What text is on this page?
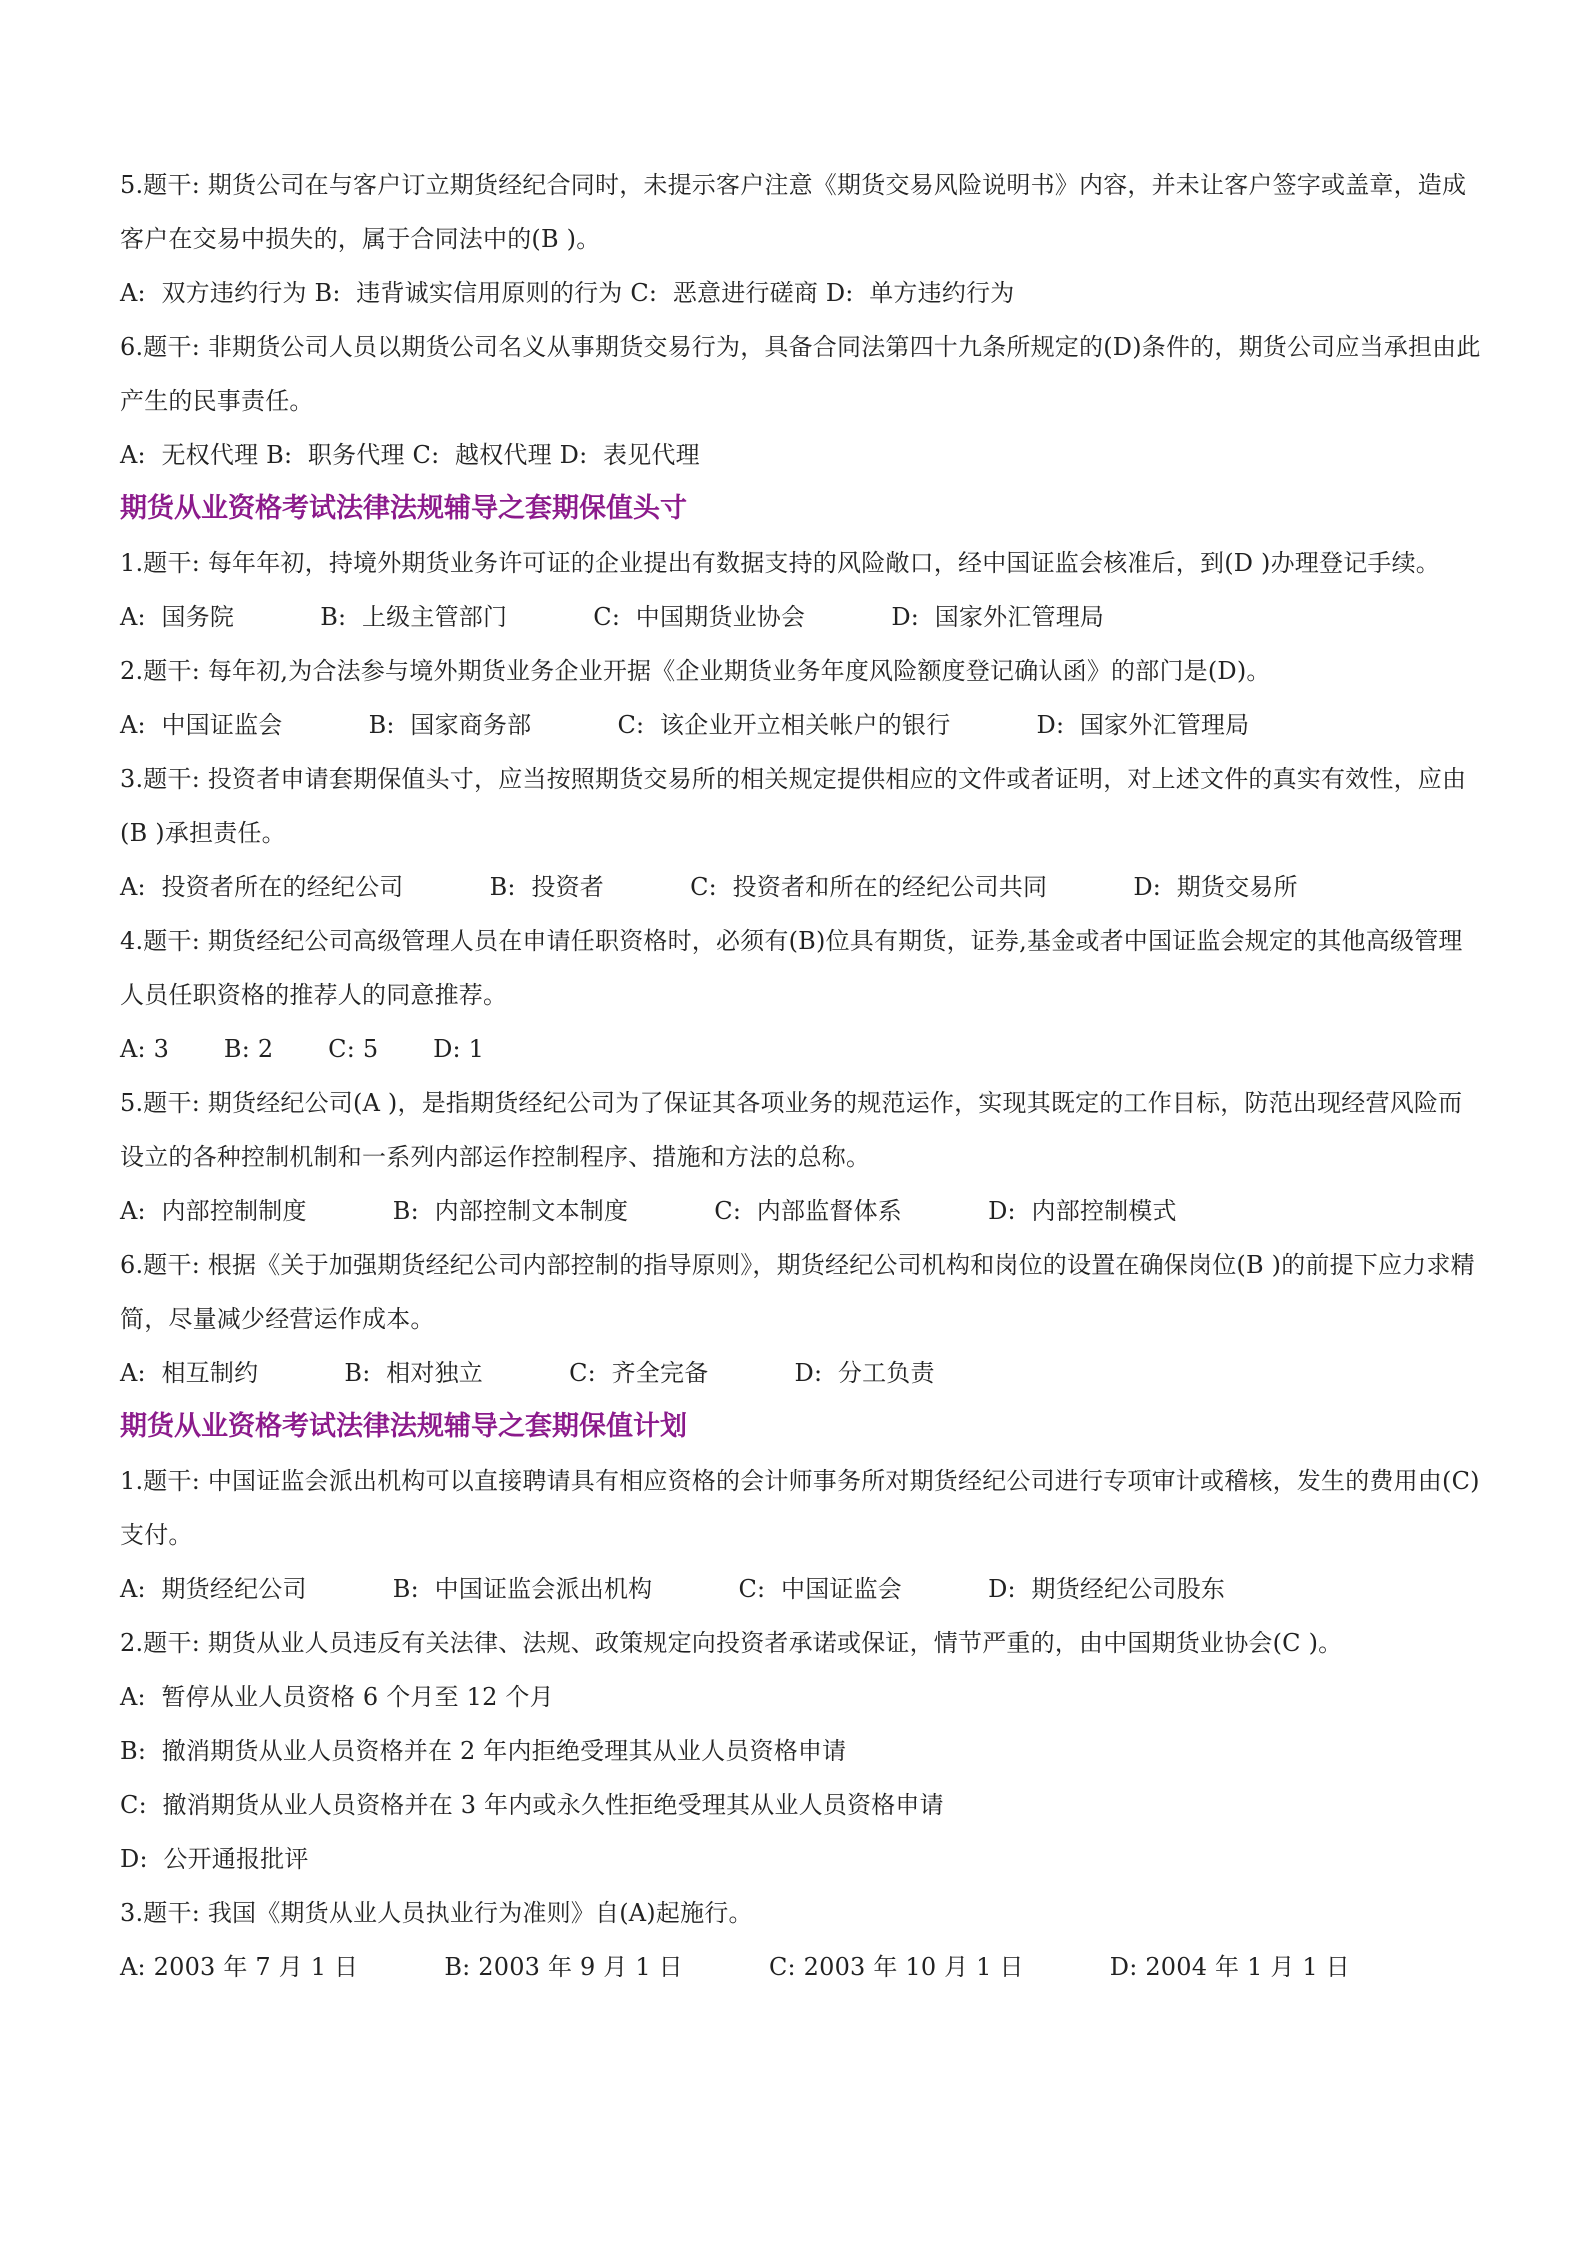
5.题干: 期货公司在与客户订立期货经纪合同时，未提示客户注意《期货交易风险说明书》内容，并未让客户签字或盖章，造成客户在交易中损失的，属于合同法中的(B )。

A:  双方违约行为 B:  违背诚实信用原则的行为 C:  恶意进行磋商 D:  单方违约行为

6.题干: 非期货公司人员以期货公司名义从事期货交易行为，具备合同法第四十九条所规定的(D)条件的，期货公司应当承担由此产生的民事责任。

A:  无权代理 B:  职务代理 C:  越权代理 D:  表见代理

期货从业资格考试法律法规辅导之套期保值头寸

1.题干: 每年年初，持境外期货业务许可证的企业提出有数据支持的风险敞口，经中国证监会核准后，到(D )办理登记手续。

A:  国务院           B:  上级主管部门           C:  中国期货业协会           D:  国家外汇管理局

2.题干: 每年初,为合法参与境外期货业务企业开据《企业期货业务年度风险额度登记确认函》的部门是(D)。

A:  中国证监会           B:  国家商务部           C:  该企业开立相关帐户的银行           D:  国家外汇管理局

3.题干: 投资者申请套期保值头寸，应当按照期货交易所的相关规定提供相应的文件或者证明，对上述文件的真实有效性，应由(B )承担责任。

A:  投资者所在的经纪公司           B:  投资者           C:  投资者和所在的经纪公司共同           D:  期货交易所

4.题干: 期货经纪公司高级管理人员在申请任职资格时，必须有(B)位具有期货，证券,基金或者中国证监会规定的其他高级管理人员任职资格的推荐人的同意推荐。

A: 3       B: 2       C: 5       D: 1

5.题干: 期货经纪公司(A )，是指期货经纪公司为了保证其各项业务的规范运作，实现其既定的工作目标，防范出现经营风险而设立的各种控制机制和一系列内部运作控制程序、措施和方法的总称。

A:  内部控制制度           B:  内部控制文本制度           C:  内部监督体系           D:  内部控制模式

6.题干: 根据《关于加强期货经纪公司内部控制的指导原则》，期货经纪公司机构和岗位的设置在确保岗位(B )的前提下应力求精简，尽量减少经营运作成本。

A:  相互制约           B:  相对独立           C:  齐全完备           D:  分工负责

期货从业资格考试法律法规辅导之套期保值计划

1.题干: 中国证监会派出机构可以直接聘请具有相应资格的会计师事务所对期货经纪公司进行专项审计或稽核，发生的费用由(C)支付。

A:  期货经纪公司           B:  中国证监会派出机构           C:  中国证监会           D:  期货经纪公司股东

2.题干: 期货从业人员违反有关法律、法规、政策规定向投资者承诺或保证，情节严重的，由中国期货业协会(C )。

A:  暂停从业人员资格 6 个月至 12 个月

B:  撤消期货从业人员资格并在 2 年内拒绝受理其从业人员资格申请

C:  撤消期货从业人员资格并在 3 年内或永久性拒绝受理其从业人员资格申请

D:  公开通报批评

3.题干: 我国《期货从业人员执业行为准则》自(A)起施行。

A: 2003 年 7 月 1 日           B: 2003 年 9 月 1 日           C: 2003 年 10 月 1 日           D: 2004 年 1 月 1 日
